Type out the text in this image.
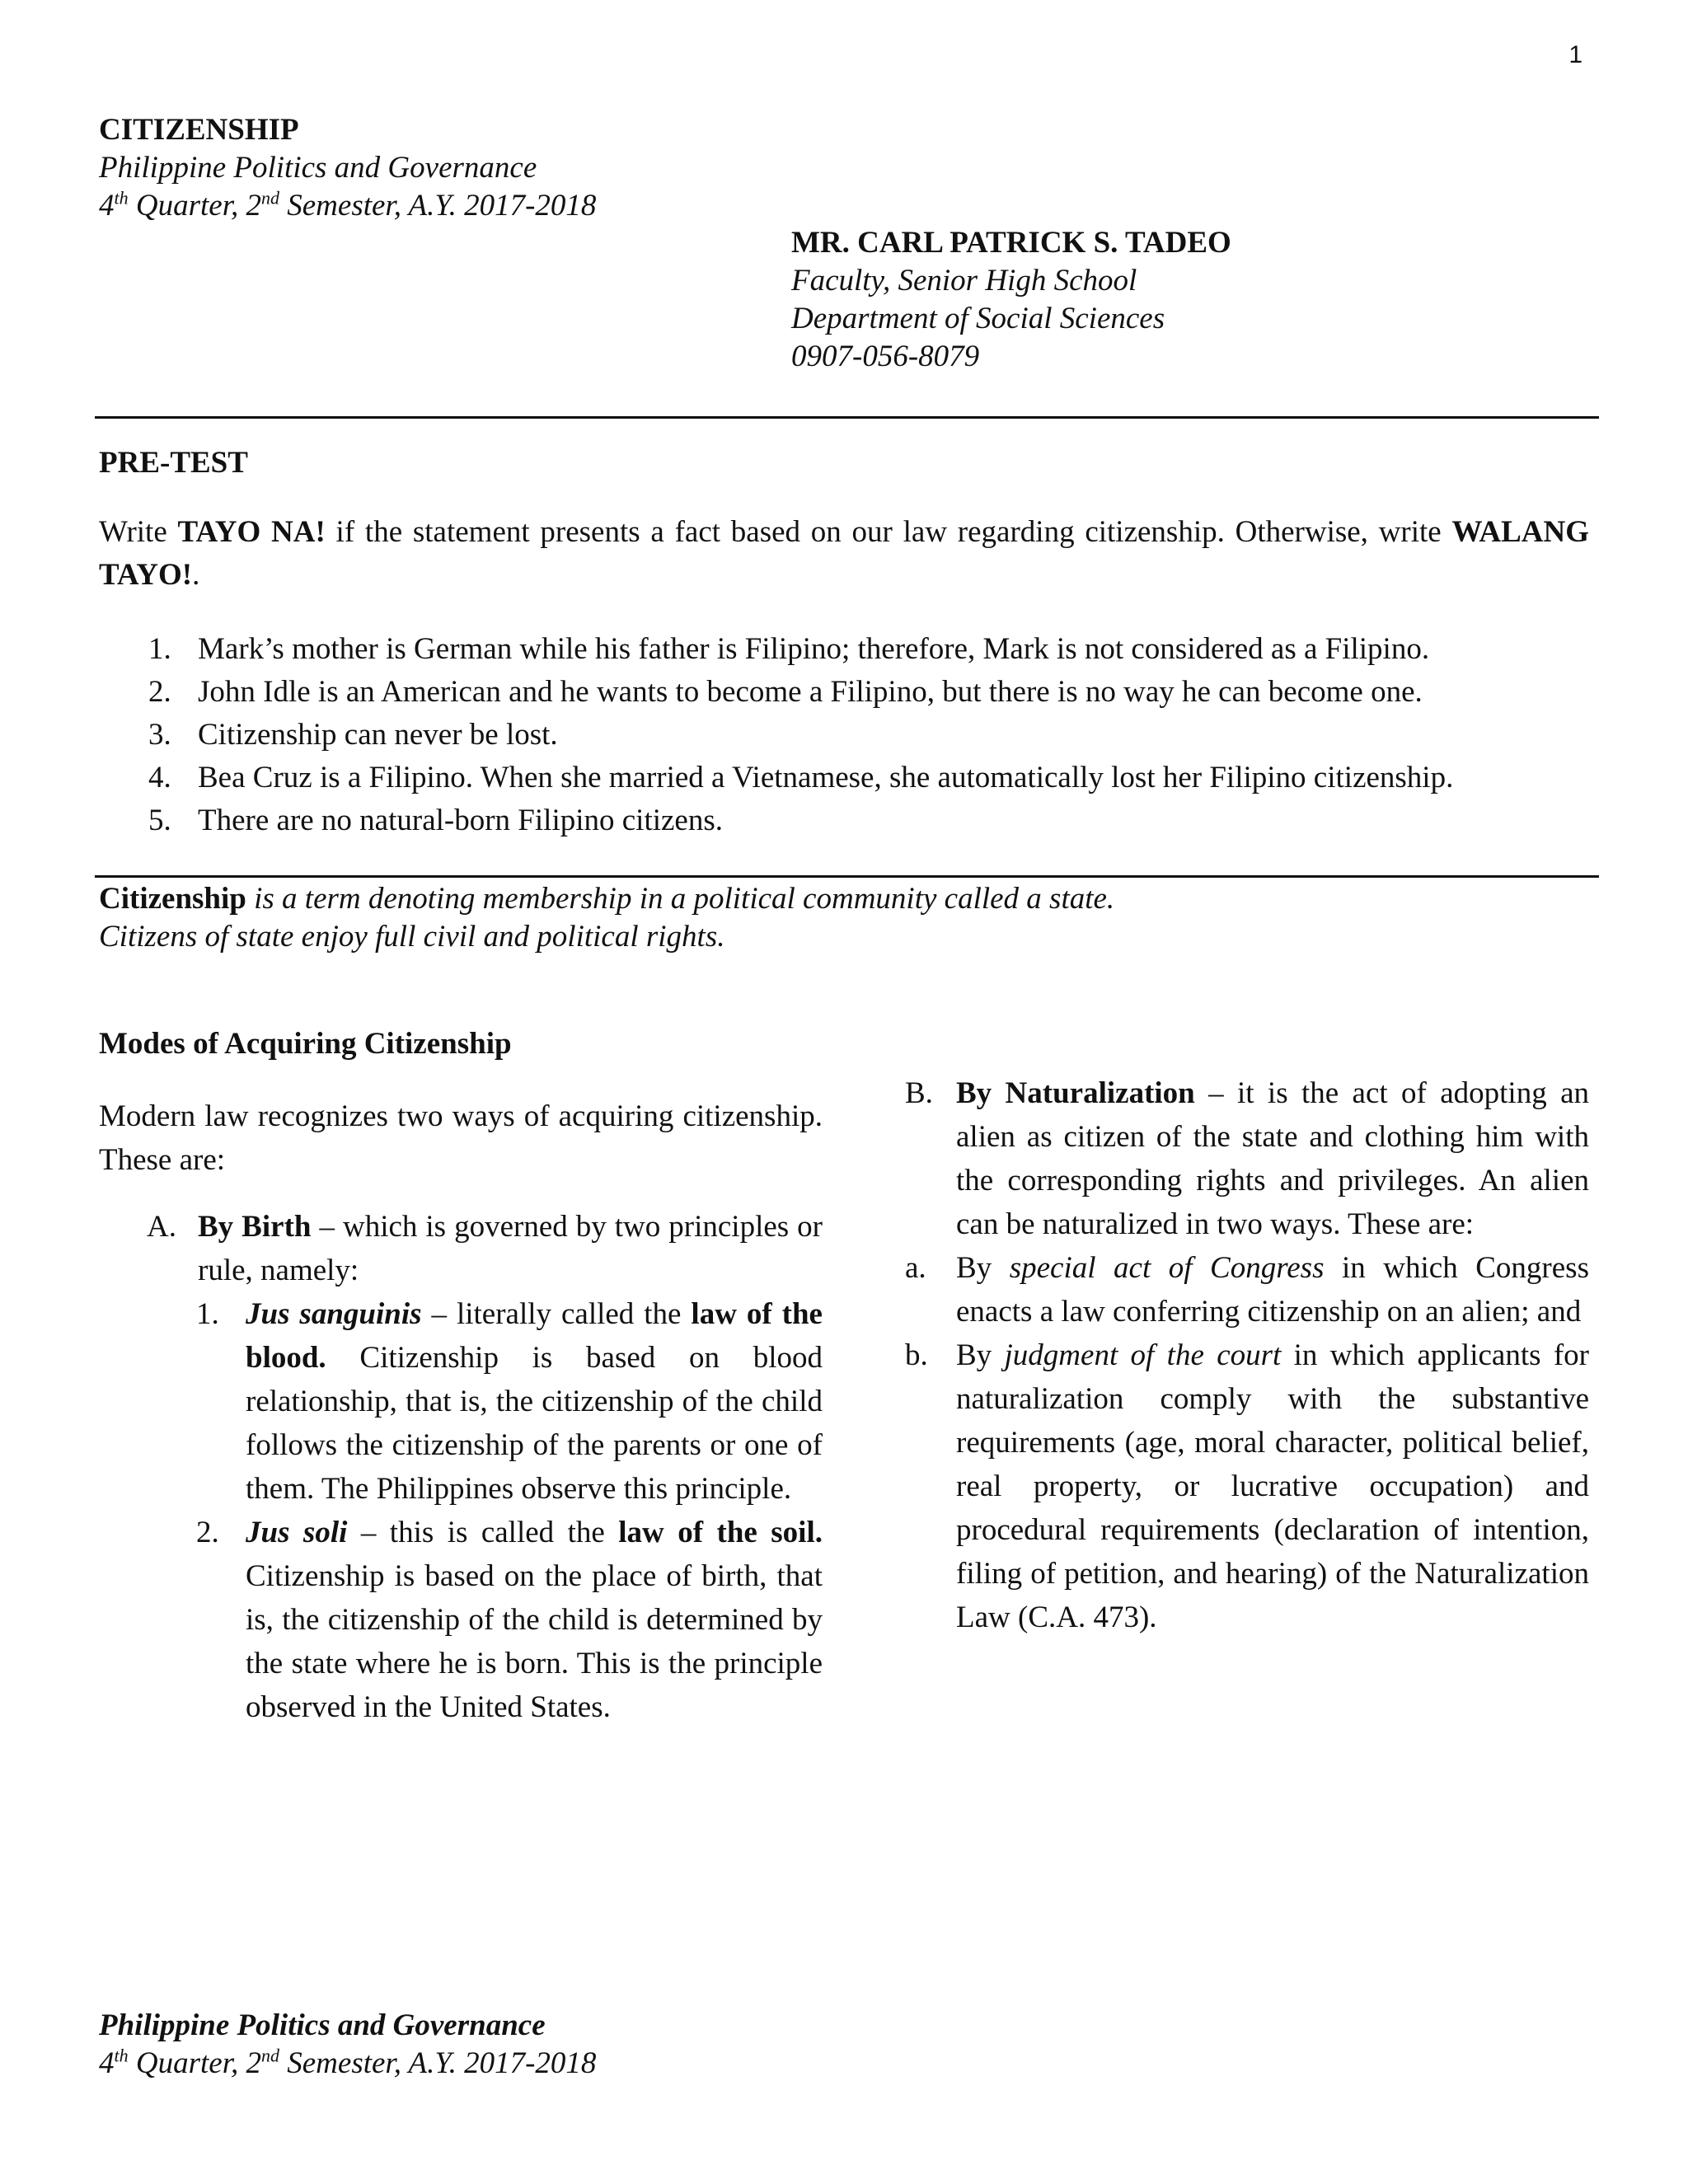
1
CITIZENSHIP
Philippine Politics and Governance
4th Quarter, 2nd Semester, A.Y. 2017-2018
MR. CARL PATRICK S. TADEO
Faculty, Senior High School
Department of Social Sciences
0907-056-8079
PRE-TEST
Write TAYO NA! if the statement presents a fact based on our law regarding citizenship. Otherwise, write WALANG TAYO!.
1. Mark’s mother is German while his father is Filipino; therefore, Mark is not considered as a Filipino.
2. John Idle is an American and he wants to become a Filipino, but there is no way he can become one.
3. Citizenship can never be lost.
4. Bea Cruz is a Filipino. When she married a Vietnamese, she automatically lost her Filipino citizenship.
5. There are no natural-born Filipino citizens.
Citizenship is a term denoting membership in a political community called a state.
Citizens of state enjoy full civil and political rights.
Modes of Acquiring Citizenship
Modern law recognizes two ways of acquiring citizenship. These are:
A. By Birth – which is governed by two principles or rule, namely:
1. Jus sanguinis – literally called the law of the blood. Citizenship is based on blood relationship, that is, the citizenship of the child follows the citizenship of the parents or one of them. The Philippines observe this principle.
2. Jus soli – this is called the law of the soil. Citizenship is based on the place of birth, that is, the citizenship of the child is determined by the state where he is born. This is the principle observed in the United States.
B. By Naturalization – it is the act of adopting an alien as citizen of the state and clothing him with the corresponding rights and privileges. An alien can be naturalized in two ways. These are:
a. By special act of Congress in which Congress enacts a law conferring citizenship on an alien; and
b. By judgment of the court in which applicants for naturalization comply with the substantive requirements (age, moral character, political belief, real property, or lucrative occupation) and procedural requirements (declaration of intention, filing of petition, and hearing) of the Naturalization Law (C.A. 473).
Philippine Politics and Governance
4th Quarter, 2nd Semester, A.Y. 2017-2018
